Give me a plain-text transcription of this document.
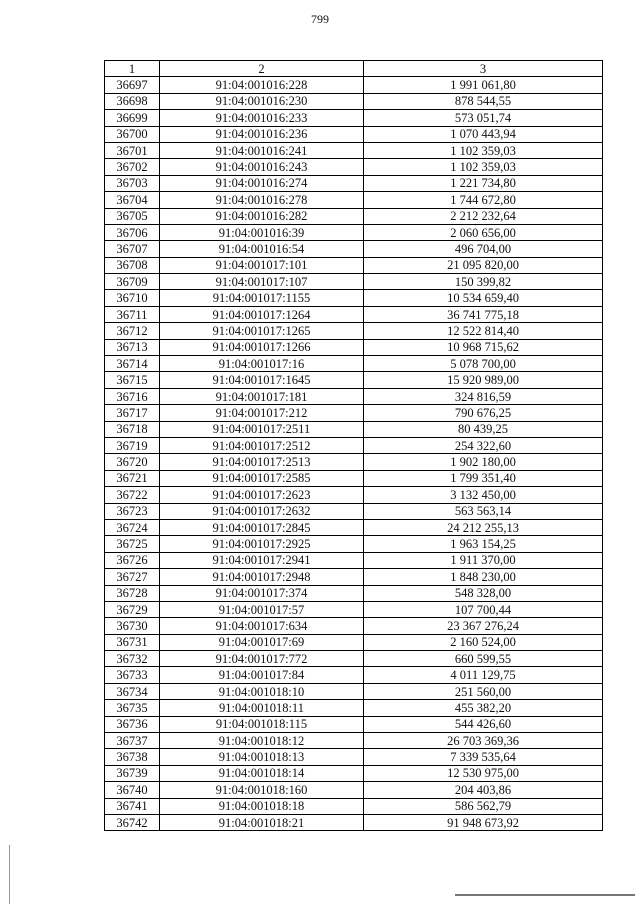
799
1	2	3
36697	91:04:001016:228	1 991 061,80
36698	91:04:001016:230	878 544,55
36699	91:04:001016:233	573 051,74
36700	91:04:001016:236	1 070 443,94
36701	91:04:001016:241	1 102 359,03
36702	91:04:001016:243	1 102 359,03
36703	91:04:001016:274	1 221 734,80
36704	91:04:001016:278	1 744 672,80
36705	91:04:001016:282	2 212 232,64
36706	91:04:001016:39	2 060 656,00
36707	91:04:001016:54	496 704,00
36708	91:04:001017:101	21 095 820,00
36709	91:04:001017:107	150 399,82
36710	91:04:001017:1155	10 534 659,40
36711	91:04:001017:1264	36 741 775,18
36712	91:04:001017:1265	12 522 814,40
36713	91:04:001017:1266	10 968 715,62
36714	91:04:001017:16	5 078 700,00
36715	91:04:001017:1645	15 920 989,00
36716	91:04:001017:181	324 816,59
36717	91:04:001017:212	790 676,25
36718	91:04:001017:2511	80 439,25
36719	91:04:001017:2512	254 322,60
36720	91:04:001017:2513	1 902 180,00
36721	91:04:001017:2585	1 799 351,40
36722	91:04:001017:2623	3 132 450,00
36723	91:04:001017:2632	563 563,14
36724	91:04:001017:2845	24 212 255,13
36725	91:04:001017:2925	1 963 154,25
36726	91:04:001017:2941	1 911 370,00
36727	91:04:001017:2948	1 848 230,00
36728	91:04:001017:374	548 328,00
36729	91:04:001017:57	107 700,44
36730	91:04:001017:634	23 367 276,24
36731	91:04:001017:69	2 160 524,00
36732	91:04:001017:772	660 599,55
36733	91:04:001017:84	4 011 129,75
36734	91:04:001018:10	251 560,00
36735	91:04:001018:11	455 382,20
36736	91:04:001018:115	544 426,60
36737	91:04:001018:12	26 703 369,36
36738	91:04:001018:13	7 339 535,64
36739	91:04:001018:14	12 530 975,00
36740	91:04:001018:160	204 403,86
36741	91:04:001018:18	586 562,79
36742	91:04:001018:21	91 948 673,92
